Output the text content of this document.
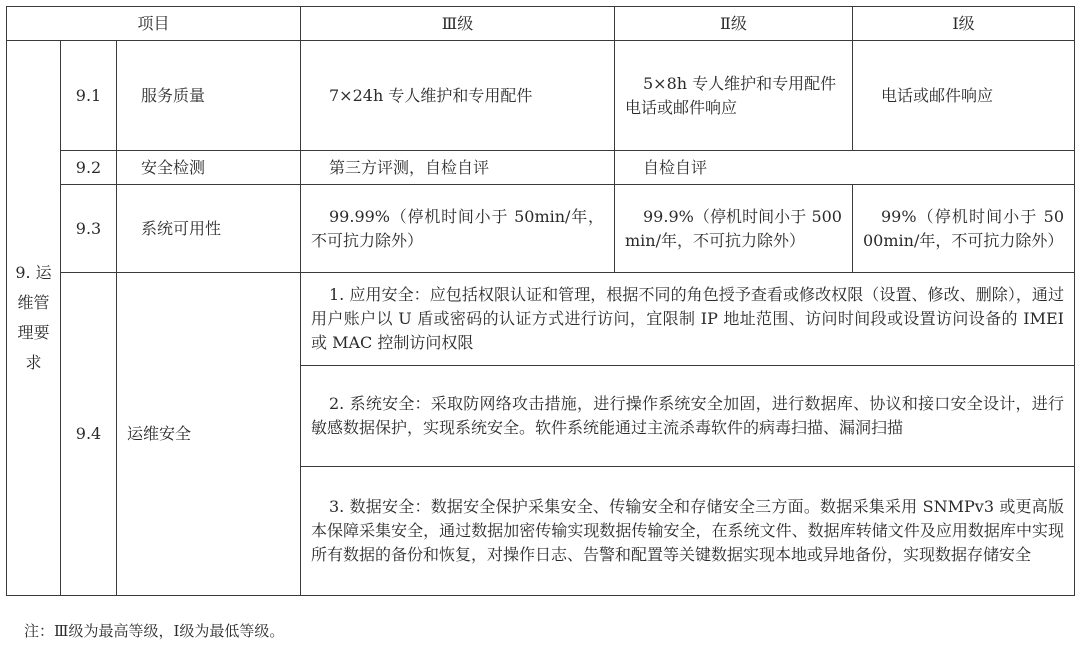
项目			Ⅲ级	Ⅱ级	Ⅰ级
9. 运维管理要求	9.1	服务质量	7×24h 专人维护和专用配件	5×8h 专人维护和专用配件电话或邮件响应	电话或邮件响应
	9.2	安全检测	第三方评测，自检自评	自检自评	
	9.3	系统可用性	99.99%（停机时间小于 50min/年，不可抗力除外）	99.9%（停机时间小于 500min/年，不可抗力除外）	99%（停机时间小于 5000min/年，不可抗力除外）
	9.4	运维安全	1. 应用安全：应包括权限认证和管理，根据不同的角色授予查看或修改权限（设置、修改、删除），通过用户账户以 U 盾或密码的认证方式进行访问，宜限制 IP 地址范围、访问时间段或设置访问设备的 IMEI 或 MAC 控制访问权限		
			2. 系统安全：采取防网络攻击措施，进行操作系统安全加固，进行数据库、协议和接口安全设计，进行敏感数据保护，实现系统安全。软件系统能通过主流杀毒软件的病毒扫描、漏洞扫描		
			3. 数据安全：数据安全保护采集安全、传输安全和存储安全三方面。数据采集采用 SNMPv3 或更高版本保障采集安全，通过数据加密传输实现数据传输安全，在系统文件、数据库转储文件及应用数据库中实现所有数据的备份和恢复，对操作日志、告警和配置等关键数据实现本地或异地备份，实现数据存储安全		
注：Ⅲ级为最高等级，Ⅰ级为最低等级。
